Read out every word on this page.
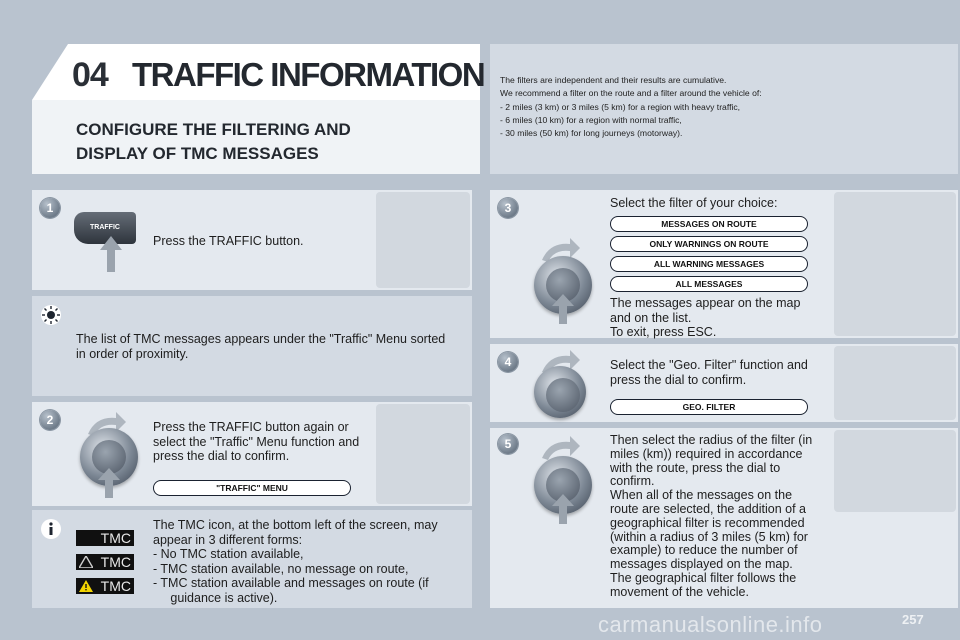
04 TRAFFIC INFORMATION
CONFIGURE THE FILTERING AND
DISPLAY OF TMC MESSAGES
The filters are independent and their results are cumulative.
We recommend a filter on the route and a filter around the vehicle of:
- 2 miles (3 km) or 3 miles (5 km) for a region with heavy traffic,
- 6 miles (10 km) for a region with normal traffic,
- 30 miles (50 km) for long journeys (motorway).
1
TRAFFIC
Press the TRAFFIC button.
The list of TMC messages appears under the "Traffic" Menu sorted
in order of proximity.
2	Press the TRAFFIC button again or
select the "Traffic" Menu function and
press the dial to confirm.
"TRAFFIC" MENU
TMC
TMC
TMC
The TMC icon, at the bottom left of the screen, may
appear in 3 different forms:
- No TMC station available,
- TMC station available, no message on route,
- TMC station available and messages on route (if
guidance is active).
3	Select the filter of your choice:
MESSAGES ON ROUTE
ONLY WARNINGS ON ROUTE
ALL WARNING MESSAGES
ALL MESSAGES
The messages appear on the map
and on the list.
To exit, press ESC.
4	Select the "Geo. Filter" function and
press the dial to confirm.
GEO. FILTER
5	Then select the radius of the filter (in
miles (km)) required in accordance
with the route, press the dial to
confirm.
When all of the messages on the
route are selected, the addition of a
geographical filter is recommended
(within a radius of 3 miles (5 km) for
example) to reduce the number of
messages displayed on the map.
The geographical filter follows the
movement of the vehicle.
257
carmanualsonline.info
